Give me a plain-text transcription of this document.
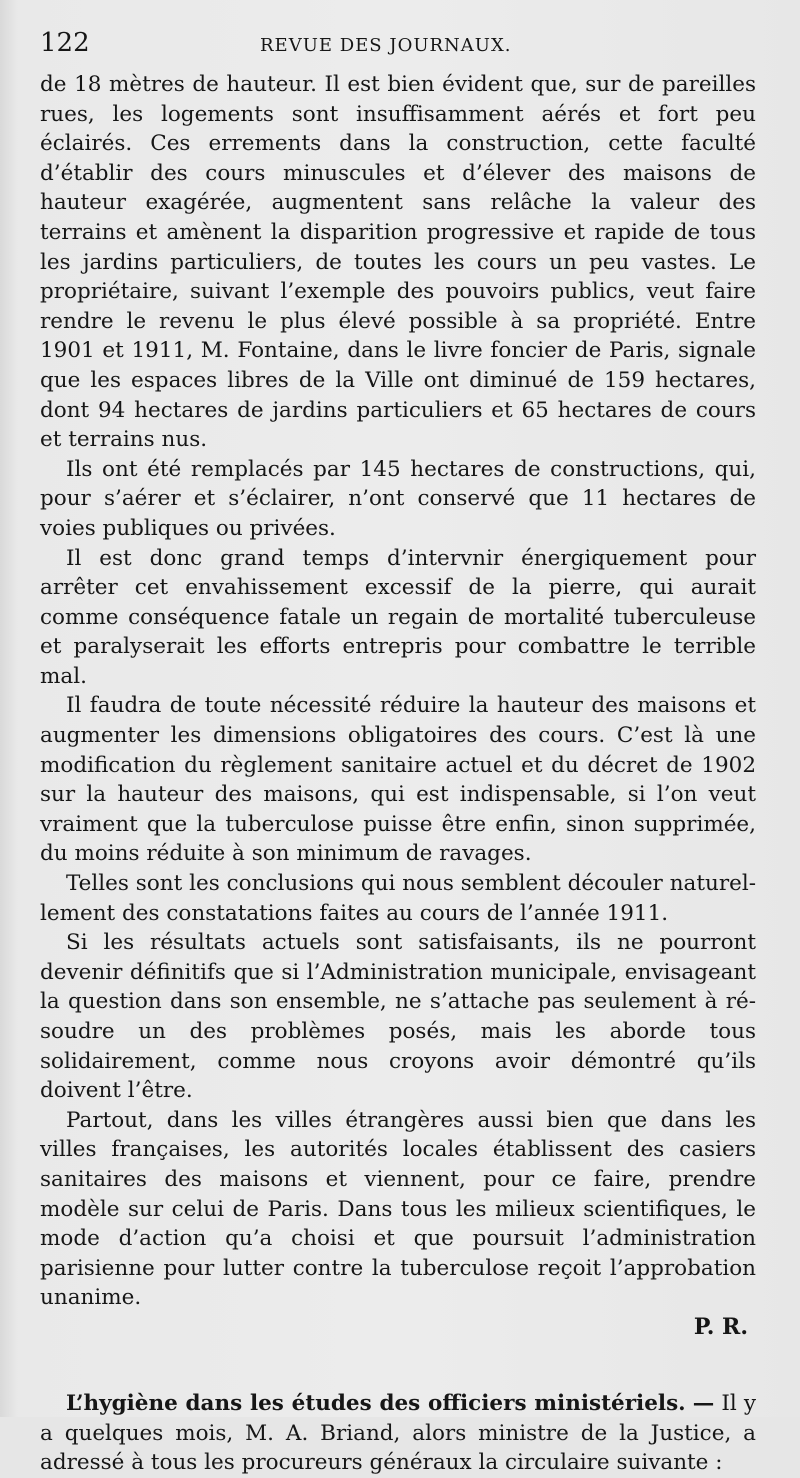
122	REVUE DES JOURNAUX.

de 18 mètres de hauteur. Il est bien évident que, sur de pareilles rues, les logements sont insuffisamment aérés et fort peu éclairés. Ces errements dans la construction, cette faculté d’établir des cours minuscules et d’élever des maisons de hauteur exagérée, augmentent sans relâche la valeur des terrains et amènent la disparition progressive et rapide de tous les jardins particuliers, de toutes les cours un peu vastes. Le propriétaire, suivant l’exemple des pouvoirs publics, veut faire rendre le revenu le plus élevé possible à sa propriété. Entre 1901 et 1911, M. Fontaine, dans le livre foncier de Paris, signale que les espaces libres de la Ville ont diminué de 159 hectares, dont 94 hectares de jardins particuliers et 65 hectares de cours et terrains nus.

Ils ont été remplacés par 145 hectares de constructions, qui, pour s’aérer et s’éclairer, n’ont conservé que 11 hectares de voies publiques ou privées.

Il est donc grand temps d’intervnir énergiquement pour arrêter cet envahissement excessif de la pierre, qui aurait comme conséquence fatale un regain de mortalité tuberculeuse et paralyserait les efforts entrepris pour combattre le terrible mal.

Il faudra de toute nécessité réduire la hauteur des maisons et augmenter les dimensions obligatoires des cours. C’est là une modification du règlement sanitaire actuel et du décret de 1902 sur la hauteur des maisons, qui est indispensable, si l’on veut vraiment que la tuberculose puisse être enfin, sinon supprimée, du moins réduite à son minimum de ravages.

Telles sont les conclusions qui nous semblent découler naturellement des constatations faites au cours de l’année 1911.

Si les résultats actuels sont satisfaisants, ils ne pourront devenir définitifs que si l’Administration municipale, envisageant la question dans son ensemble, ne s’attache pas seulement à résoudre un des problèmes posés, mais les aborde tous solidairement, comme nous croyons avoir démontré qu’ils doivent l’être.

Partout, dans les villes étrangères aussi bien que dans les villes françaises, les autorités locales établissent des casiers sanitaires des maisons et viennent, pour ce faire, prendre modèle sur celui de Paris. Dans tous les milieux scientifiques, le mode d’action qu’a choisi et que poursuit l’administration parisienne pour lutter contre la tuberculose reçoit l’approbation unanime.

P. R.

L’hygiène dans les études des officiers ministériels. — Il y a quelques mois, M. A. Briand, alors ministre de la Justice, a adressé à tous les procureurs généraux la circulaire suivante :
